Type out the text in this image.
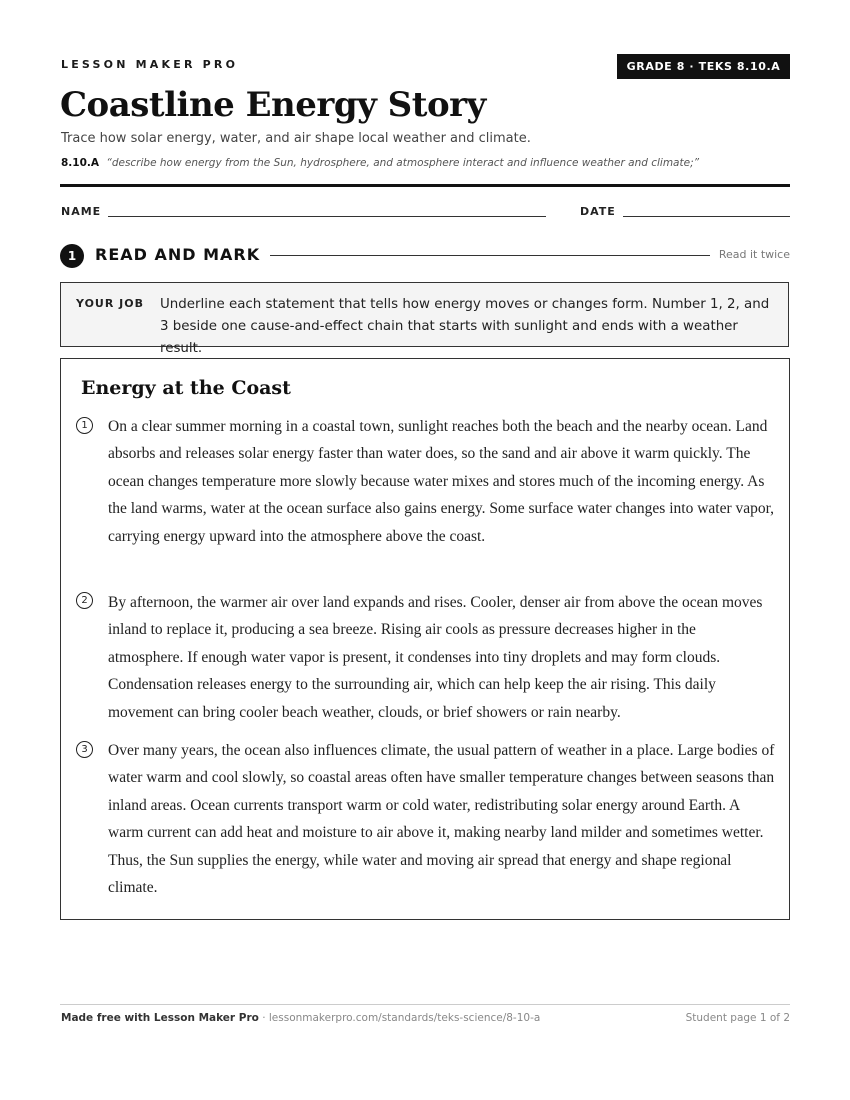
LESSON MAKER PRO	GRADE 8 · TEKS 8.10.A
Coastline Energy Story
Trace how solar energy, water, and air shape local weather and climate.
8.10.A “describe how energy from the Sun, hydrosphere, and atmosphere interact and influence weather and climate;”
NAME	DATE
1	READ AND MARK	Read it twice
YOUR JOB Underline each statement that tells how energy moves or changes form. Number 1, 2, and 3 beside one cause-and-effect chain that starts with sunlight and ends with a weather result.
Energy at the Coast
1	On a clear summer morning in a coastal town, sunlight reaches both the beach and the nearby ocean. Land absorbs and releases solar energy faster than water does, so the sand and air above it warm quickly. The ocean changes temperature more slowly because water mixes and stores much of the incoming energy. As the land warms, water at the ocean surface also gains energy. Some surface water changes into water vapor, carrying energy upward into the atmosphere above the coast.

2	By afternoon, the warmer air over land expands and rises. Cooler, denser air from above the ocean moves inland to replace it, producing a sea breeze. Rising air cools as pressure decreases higher in the atmosphere. If enough water vapor is present, it condenses into tiny droplets and may form clouds. Condensation releases energy to the surrounding air, which can help keep the air rising. This daily movement can bring cooler beach weather, clouds, or brief showers or rain nearby.

3	Over many years, the ocean also influences climate, the usual pattern of weather in a place. Large bodies of water warm and cool slowly, so coastal areas often have smaller temperature changes between seasons than inland areas. Ocean currents transport warm or cold water, redistributing solar energy around Earth. A warm current can add heat and moisture to air above it, making nearby land milder and sometimes wetter. Thus, the Sun supplies the energy, while water and moving air spread that energy and shape regional climate.

Made free with Lesson Maker Pro · lessonmakerpro.com/standards/teks-science/8-10-a	Student page 1 of 2
